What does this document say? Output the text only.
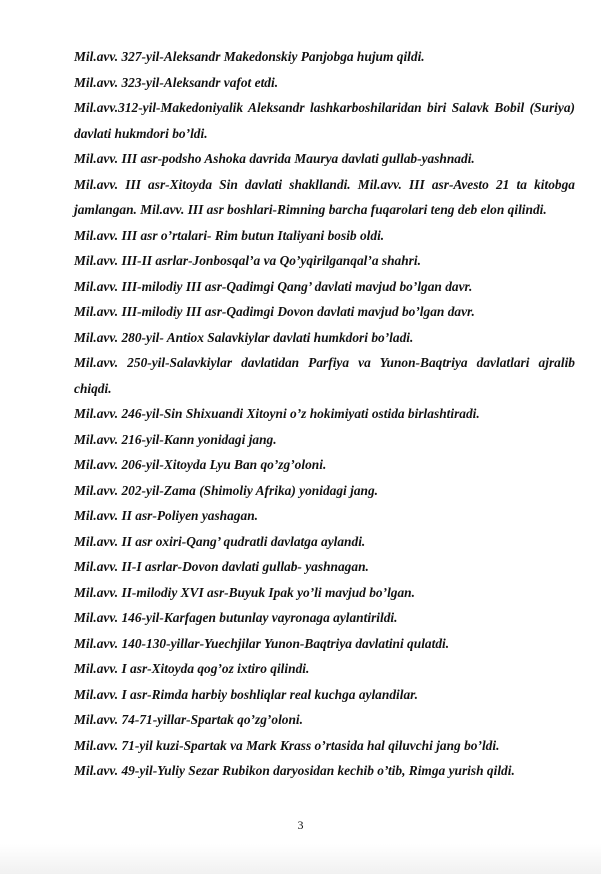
Mil.avv. 327-yil-Aleksandr Makedonskiy Panjobga hujum qildi.

Mil.avv. 323-yil-Aleksandr vafot etdi.

Mil.avv.312-yil-Makedoniyalik Aleksandr lashkarboshilaridan biri Salavk Bobil (Suriya) davlati hukmdori bo’ldi.

Mil.avv. III asr-podsho Ashoka davrida Maurya davlati gullab-yashnadi.

Mil.avv. III asr-Xitoyda Sin davlati shakllandi. Mil.avv. III asr-Avesto 21 ta kitobga jamlangan. Mil.avv. III asr boshlari-Rimning barcha fuqarolari teng deb elon qilindi.

Mil.avv. III asr o’rtalari- Rim butun Italiyani bosib oldi.

Mil.avv. III-II asrlar-Jonbosqal’a va Qo’yqirilganqal’a shahri.

Mil.avv. III-milodiy III asr-Qadimgi Qang’ davlati mavjud bo’lgan davr.

Mil.avv. III-milodiy III asr-Qadimgi Dovon davlati mavjud bo’lgan davr.

Mil.avv. 280-yil- Antiox Salavkiylar davlati humkdori bo’ladi.

Mil.avv. 250-yil-Salavkiylar davlatidan Parfiya va Yunon-Baqtriya davlatlari ajralib chiqdi.

Mil.avv. 246-yil-Sin Shixuandi Xitoyni o’z hokimiyati ostida birlashtiradi.

Mil.avv. 216-yil-Kann yonidagi jang.

Mil.avv. 206-yil-Xitoyda Lyu Ban qo’zg’oloni.

Mil.avv. 202-yil-Zama (Shimoliy Afrika) yonidagi jang.

Mil.avv. II asr-Poliyen yashagan.

Mil.avv. II asr oxiri-Qang’ qudratli davlatga aylandi.

Mil.avv. II-I asrlar-Dovon davlati gullab- yashnagan.

Mil.avv. II-milodiy XVI asr-Buyuk Ipak yo’li mavjud bo’lgan.

Mil.avv. 146-yil-Karfagen butunlay vayronaga aylantirildi.

Mil.avv. 140-130-yillar-Yuechjilar Yunon-Baqtriya davlatini qulatdi.

Mil.avv. I asr-Xitoyda qog’oz ixtiro qilindi.

Mil.avv. I asr-Rimda harbiy boshliqlar real kuchga aylandilar.

Mil.avv. 74-71-yillar-Spartak qo’zg’oloni.

Mil.avv. 71-yil kuzi-Spartak va Mark Krass o’rtasida hal qiluvchi jang bo’ldi.

Mil.avv. 49-yil-Yuliy Sezar Rubikon daryosidan kechib o’tib, Rimga yurish qildi.

3
